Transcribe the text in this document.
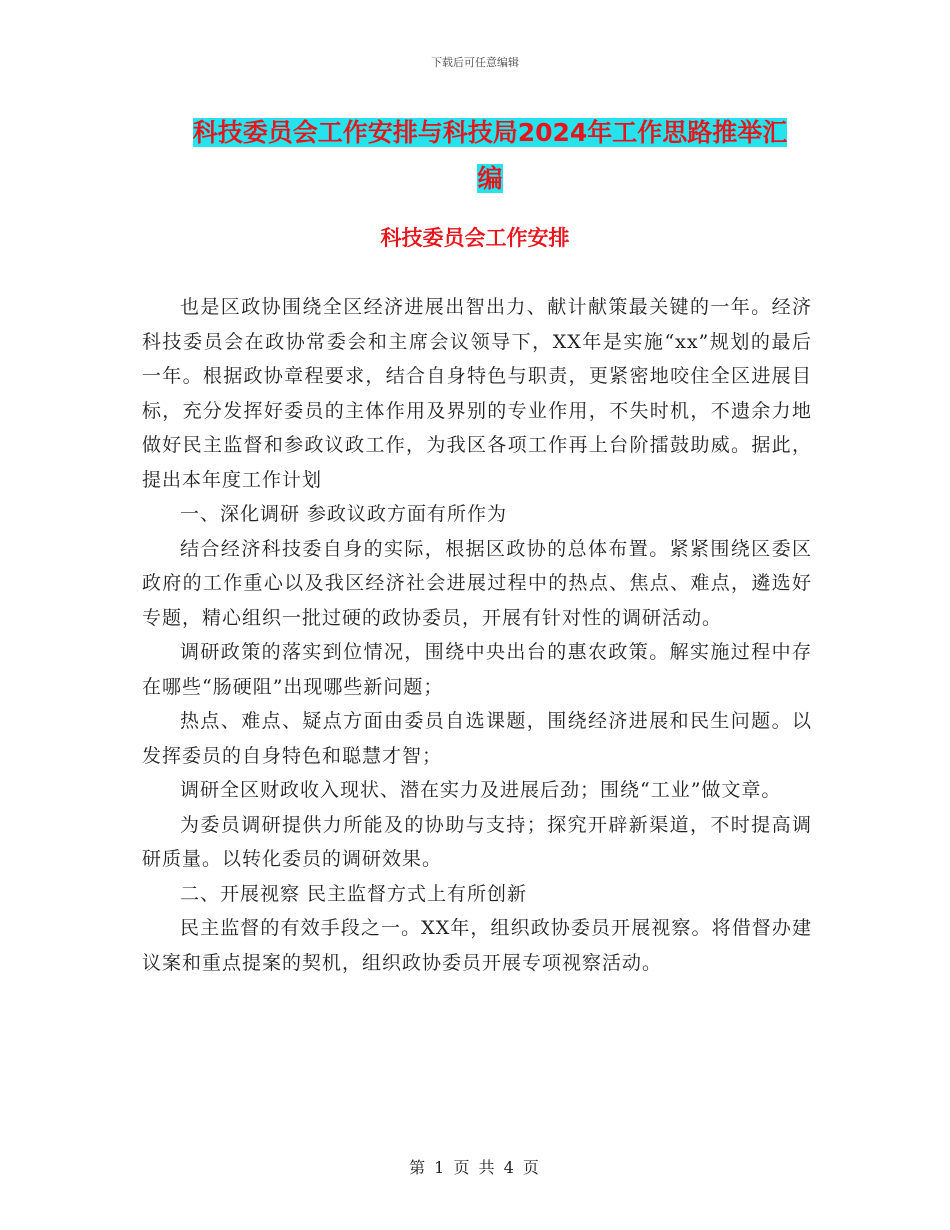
下载后可任意编辑
科技委员会工作安排与科技局2024年工作思路推举汇
编
科技委员会工作安排

也是区政协围绕全区经济进展出智出力、献计献策最关键的一年。经济科技委员会在政协常委会和主席会议领导下，XX年是实施“xx”规划的最后一年。根据政协章程要求，结合自身特色与职责，更紧密地咬住全区进展目标，充分发挥好委员的主体作用及界别的专业作用，不失时机，不遗余力地做好民主监督和参政议政工作，为我区各项工作再上台阶擂鼓助威。据此，提出本年度工作计划

一、深化调研 参政议政方面有所作为

结合经济科技委自身的实际，根据区政协的总体布置。紧紧围绕区委区政府的工作重心以及我区经济社会进展过程中的热点、焦点、难点，遴选好专题，精心组织一批过硬的政协委员，开展有针对性的调研活动。

调研政策的落实到位情况，围绕中央出台的惠农政策。解实施过程中存在哪些“肠硬阻”出现哪些新问题；

热点、难点、疑点方面由委员自选课题，围绕经济进展和民生问题。以发挥委员的自身特色和聪慧才智；

调研全区财政收入现状、潜在实力及进展后劲；围绕“工业”做文章。

为委员调研提供力所能及的协助与支持；探究开辟新渠道，不时提高调研质量。以转化委员的调研效果。

二、开展视察 民主监督方式上有所创新

民主监督的有效手段之一。XX年，组织政协委员开展视察。将借督办建议案和重点提案的契机，组织政协委员开展专项视察活动。

第 1 页 共 4 页
